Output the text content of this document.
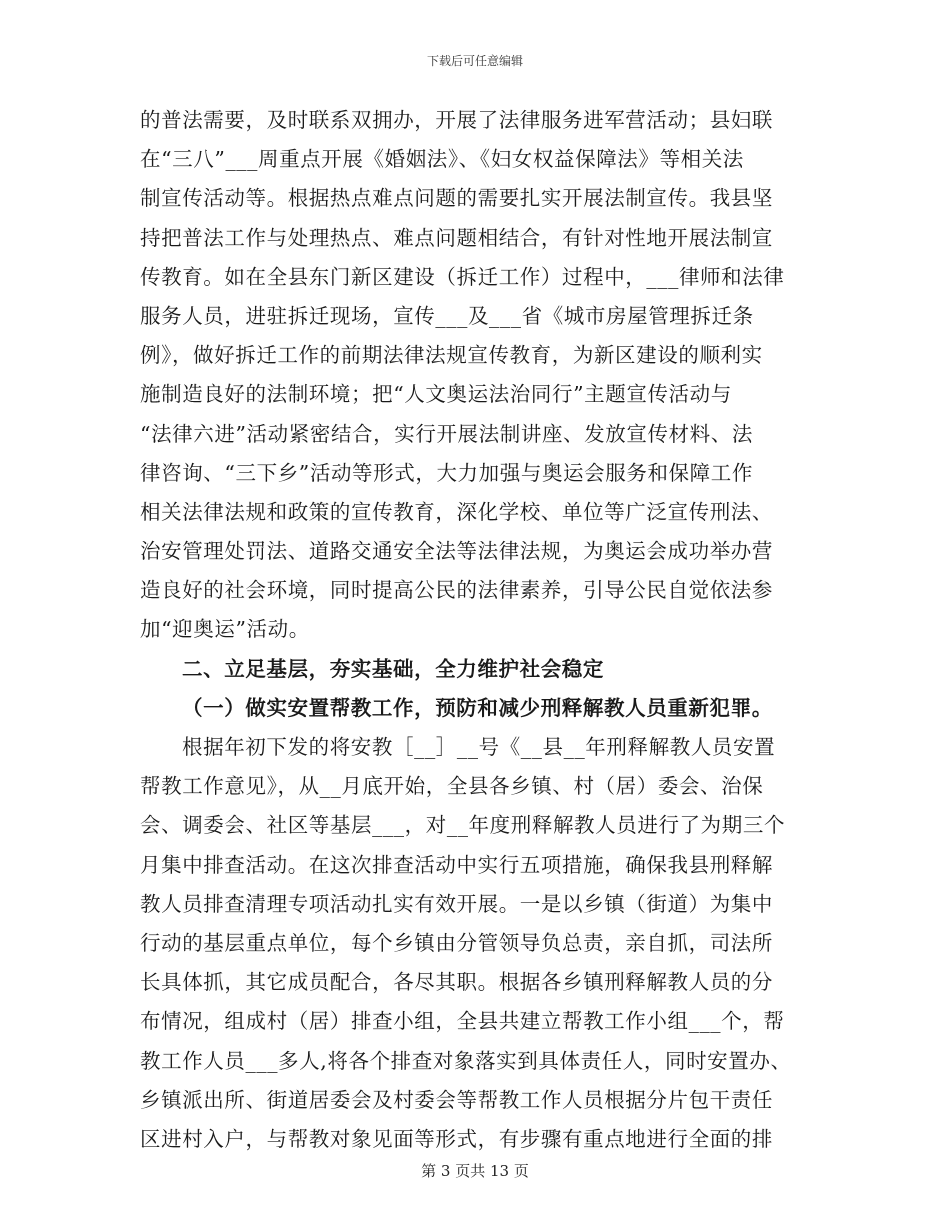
下载后可任意编辑
的普法需要，及时联系双拥办，开展了法律服务进军营活动；县妇联
在“三八”___周重点开展《婚姻法》、《妇女权益保障法》等相关法
制宣传活动等。根据热点难点问题的需要扎实开展法制宣传。我县坚
持把普法工作与处理热点、难点问题相结合，有针对性地开展法制宣
传教育。如在全县东门新区建设（拆迁工作）过程中，___律师和法律
服务人员，进驻拆迁现场，宣传___及___省《城市房屋管理拆迁条
例》，做好拆迁工作的前期法律法规宣传教育，为新区建设的顺利实
施制造良好的法制环境；把“人文奥运法治同行”主题宣传活动与
“法律六进”活动紧密结合，实行开展法制讲座、发放宣传材料、法
律咨询、“三下乡”活动等形式，大力加强与奥运会服务和保障工作
相关法律法规和政策的宣传教育，深化学校、单位等广泛宣传刑法、
治安管理处罚法、道路交通安全法等法律法规，为奥运会成功举办营
造良好的社会环境，同时提高公民的法律素养，引导公民自觉依法参
加“迎奥运”活动。
二、立足基层，夯实基础，全力维护社会稳定
（一）做实安置帮教工作，预防和减少刑释解教人员重新犯罪。
根据年初下发的将安教［__］__号《__县__年刑释解教人员安置
帮教工作意见》，从__月底开始，全县各乡镇、村（居）委会、治保
会、调委会、社区等基层___，对__年度刑释解教人员进行了为期三个
月集中排查活动。在这次排查活动中实行五项措施，确保我县刑释解
教人员排查清理专项活动扎实有效开展。一是以乡镇（街道）为集中
行动的基层重点单位，每个乡镇由分管领导负总责，亲自抓，司法所
长具体抓，其它成员配合，各尽其职。根据各乡镇刑释解教人员的分
布情况，组成村（居）排查小组，全县共建立帮教工作小组___个，帮
教工作人员___多人,将各个排查对象落实到具体责任人，同时安置办、
乡镇派出所、街道居委会及村委会等帮教工作人员根据分片包干责任
区进村入户，与帮教对象见面等形式，有步骤有重点地进行全面的排
第 3 页共 13 页
